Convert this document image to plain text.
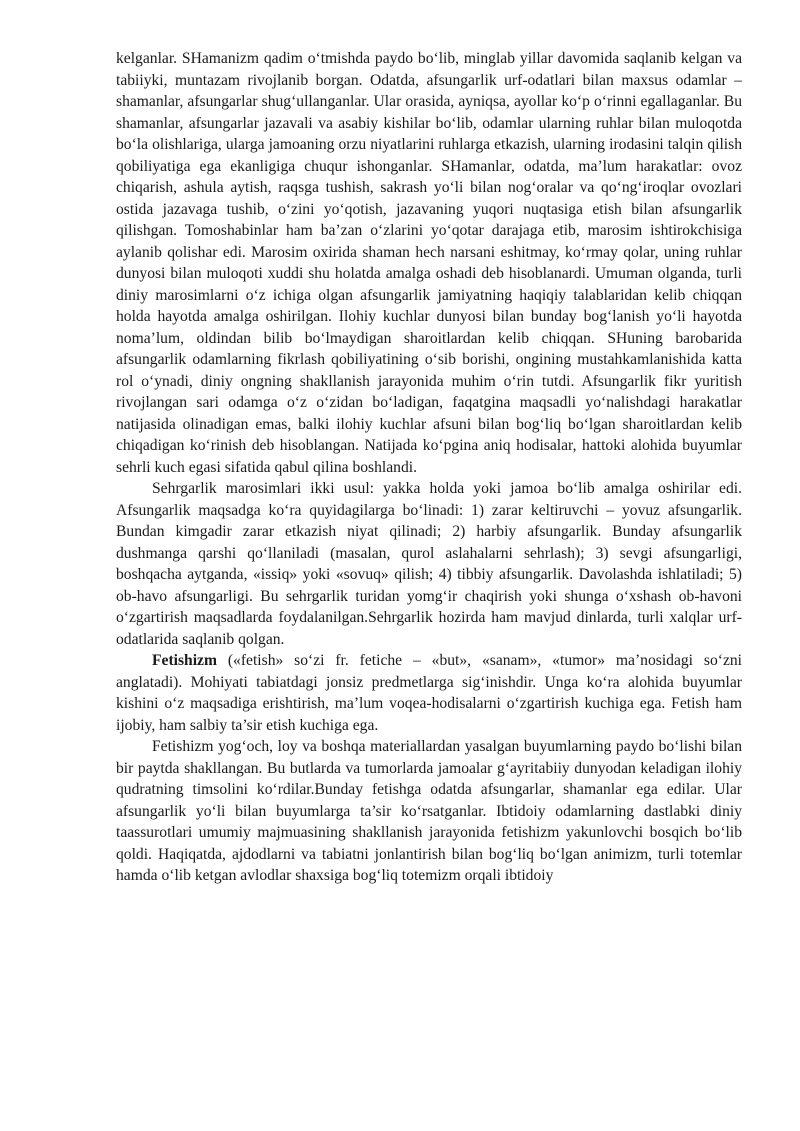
kelganlar. SHamanizm qadim o‘tmishda paydo bo‘lib, minglab yillar davomida saqlanib kelgan va tabiiyki, muntazam rivojlanib borgan. Odatda, afsungarlik urf-odatlari bilan maxsus odamlar – shamanlar, afsungarlar shug‘ullanganlar. Ular orasida, ayniqsa, ayollar ko‘p o‘rinni egallaganlar. Bu shamanlar, afsungarlar jazavali va asabiy kishilar bo‘lib, odamlar ularning ruhlar bilan muloqotda bo‘la olishlariga, ularga jamoaning orzu niyatlarini ruhlarga etkazish, ularning irodasini talqin qilish qobiliyatiga ega ekanligiga chuqur ishonganlar. SHamanlar, odatda, ma’lum harakatlar: ovoz chiqarish, ashula aytish, raqsga tushish, sakrash yo‘li bilan nog‘oralar va qo‘ng‘iroqlar ovozlari ostida jazavaga tushib, o‘zini yo‘qotish, jazavaning yuqori nuqtasiga etish bilan afsungarlik qilishgan. Tomoshabinlar ham ba’zan o‘zlarini yo‘qotar darajaga etib, marosim ishtirokchisiga aylanib qolishar edi. Marosim oxirida shaman hech narsani eshitmay, ko‘rmay qolar, uning ruhlar dunyosi bilan muloqoti xuddi shu holatda amalga oshadi deb hisoblanardi. Umuman olganda, turli diniy marosimlarni o‘z ichiga olgan afsungarlik jamiyatning haqiqiy talablaridan kelib chiqqan holda hayotda amalga oshirilgan. Ilohiy kuchlar dunyosi bilan bunday bog‘lanish yo‘li hayotda noma’lum, oldindan bilib bo‘lmaydigan sharoitlardan kelib chiqqan. SHuning barobarida afsungarlik odamlarning fikrlash qobiliyatining o‘sib borishi, ongining mustahkamlanishida katta rol o‘ynadi, diniy ongning shakllanish jarayonida muhim o‘rin tutdi. Afsungarlik fikr yuritish rivojlangan sari odamga o‘z o‘zidan bo‘ladigan, faqatgina maqsadli yo‘nalishdagi harakatlar natijasida olinadigan emas, balki ilohiy kuchlar afsuni bilan bog‘liq bo‘lgan sharoitlardan kelib chiqadigan ko‘rinish deb hisoblangan. Natijada ko‘pgina aniq hodisalar, hattoki alohida buyumlar sehrli kuch egasi sifatida qabul qilina boshlandi.

Sehrgarlik marosimlari ikki usul: yakka holda yoki jamoa bo‘lib amalga oshirilar edi. Afsungarlik maqsadga ko‘ra quyidagilarga bo‘linadi: 1) zarar keltiruvchi – yovuz afsungarlik. Bundan kimgadir zarar etkazish niyat qilinadi; 2) harbiy afsungarlik. Bunday afsungarlik dushmanga qarshi qo‘llaniladi (masalan, qurol aslahalarni sehrlash); 3) sevgi afsungarligi, boshqacha aytganda, «issiq» yoki «sovuq» qilish; 4) tibbiy afsungarlik. Davolashda ishlatiladi; 5) ob-havo afsungarligi. Bu sehrgarlik turidan yomg‘ir chaqirish yoki shunga o‘xshash ob-havoni o‘zgartirish maqsadlarda foydalanilgan.Sehrgarlik hozirda ham mavjud dinlarda, turli xalqlar urf-odatlarida saqlanib qolgan.

Fetishizm («fetish» so‘zi fr. fetiche – «but», «sanam», «tumor» ma’nosidagi so‘zni anglatadi). Mohiyati tabiatdagi jonsiz predmetlarga sig‘inishdir. Unga ko‘ra alohida buyumlar kishini o‘z maqsadiga erishtirish, ma’lum voqea-hodisalarni o‘zgartirish kuchiga ega. Fetish ham ijobiy, ham salbiy ta’sir etish kuchiga ega.

Fetishizm yog‘och, loy va boshqa materiallardan yasalgan buyumlarning paydo bo‘lishi bilan bir paytda shakllangan. Bu butlarda va tumorlarda jamoalar g‘ayritabiiy dunyodan keladigan ilohiy qudratning timsolini ko‘rdilar.Bunday fetishga odatda afsungarlar, shamanlar ega edilar. Ular afsungarlik yo‘li bilan buyumlarga ta’sir ko‘rsatganlar. Ibtidoiy odamlarning dastlabki diniy taassurotlari umumiy majmuasining shakllanish jarayonida fetishizm yakunlovchi bosqich bo‘lib qoldi. Haqiqatda, ajdodlarni va tabiatni jonlantirish bilan bog‘liq bo‘lgan animizm, turli totemlar hamda o‘lib ketgan avlodlar shaxsiga bog‘liq totemizm orqali ibtidoiy
